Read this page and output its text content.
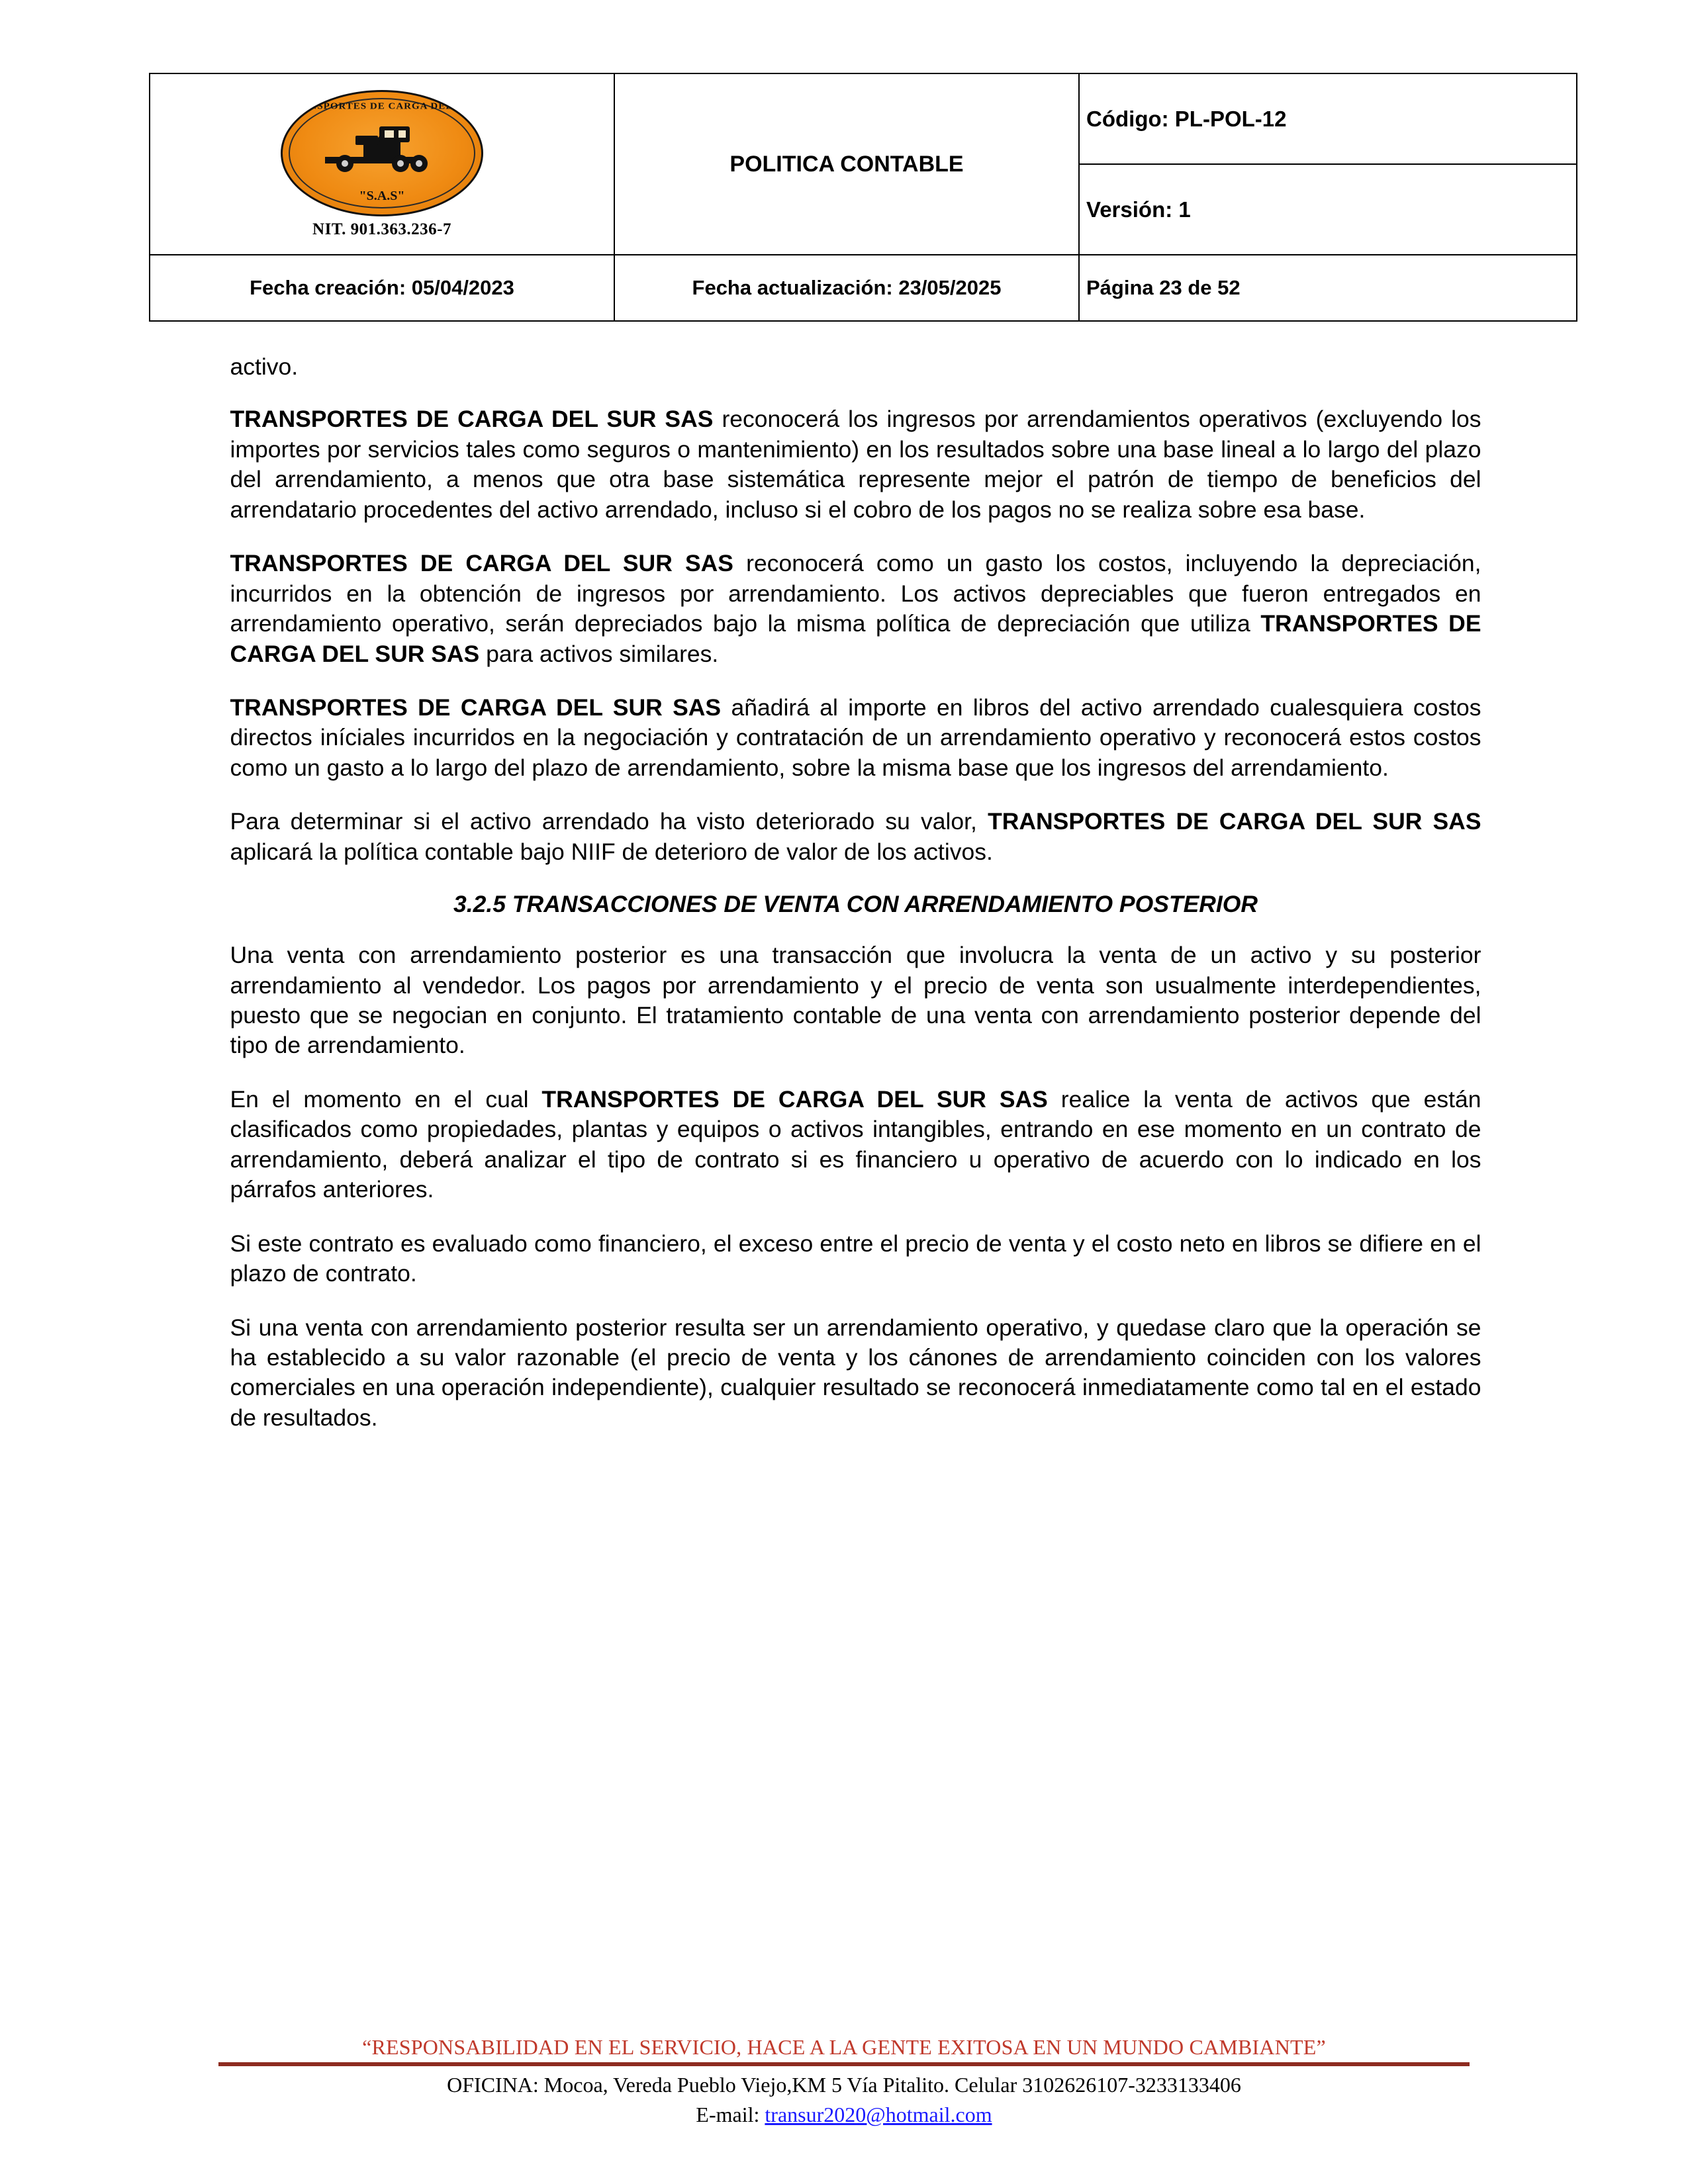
TRANSPORTES DE CARGA DEL SUR
"S.A.S"
NIT. 901.363.236-7	POLITICA CONTABLE	Código: PL-POL-12
		Versión: 1
Fecha creación: 05/04/2023	Fecha actualización: 23/05/2025	Página 23 de 52

activo.

TRANSPORTES DE CARGA DEL SUR SAS reconocerá los ingresos por arrendamientos operativos (excluyendo los importes por servicios tales como seguros o mantenimiento) en los resultados sobre una base lineal a lo largo del plazo del arrendamiento, a menos que otra base sistemática represente mejor el patrón de tiempo de beneficios del arrendatario procedentes del activo arrendado, incluso si el cobro de los pagos no se realiza sobre esa base.

TRANSPORTES DE CARGA DEL SUR SAS reconocerá como un gasto los costos, incluyendo la depreciación, incurridos en la obtención de ingresos por arrendamiento. Los activos depreciables que fueron entregados en arrendamiento operativo, serán depreciados bajo la misma política de depreciación que utiliza TRANSPORTES DE CARGA DEL SUR SAS para activos similares.

TRANSPORTES DE CARGA DEL SUR SAS añadirá al importe en libros del activo arrendado cualesquiera costos directos iníciales incurridos en la negociación y contratación de un arrendamiento operativo y reconocerá estos costos como un gasto a lo largo del plazo de arrendamiento, sobre la misma base que los ingresos del arrendamiento.

Para determinar si el activo arrendado ha visto deteriorado su valor, TRANSPORTES DE CARGA DEL SUR SAS aplicará la política contable bajo NIIF de deterioro de valor de los activos.

3.2.5 TRANSACCIONES DE VENTA CON ARRENDAMIENTO POSTERIOR

Una venta con arrendamiento posterior es una transacción que involucra la venta de un activo y su posterior arrendamiento al vendedor. Los pagos por arrendamiento y el precio de venta son usualmente interdependientes, puesto que se negocian en conjunto. El tratamiento contable de una venta con arrendamiento posterior depende del tipo de arrendamiento.

En el momento en el cual TRANSPORTES DE CARGA DEL SUR SAS realice la venta de activos que están clasificados como propiedades, plantas y equipos o activos intangibles, entrando en ese momento en un contrato de arrendamiento, deberá analizar el tipo de contrato si es financiero u operativo de acuerdo con lo indicado en los párrafos anteriores.

Si este contrato es evaluado como financiero, el exceso entre el precio de venta y el costo neto en libros se difiere en el plazo de contrato.

Si una venta con arrendamiento posterior resulta ser un arrendamiento operativo, y quedase claro que la operación se ha establecido a su valor razonable (el precio de venta y los cánones de arrendamiento coinciden con los valores comerciales en una operación independiente), cualquier resultado se reconocerá inmediatamente como tal en el estado de resultados.

“RESPONSABILIDAD EN EL SERVICIO, HACE A LA GENTE EXITOSA EN UN MUNDO CAMBIANTE”
OFICINA: Mocoa, Vereda Pueblo Viejo,KM 5 Vía Pitalito. Celular 3102626107-3233133406
E-mail: transur2020@hotmail.com
